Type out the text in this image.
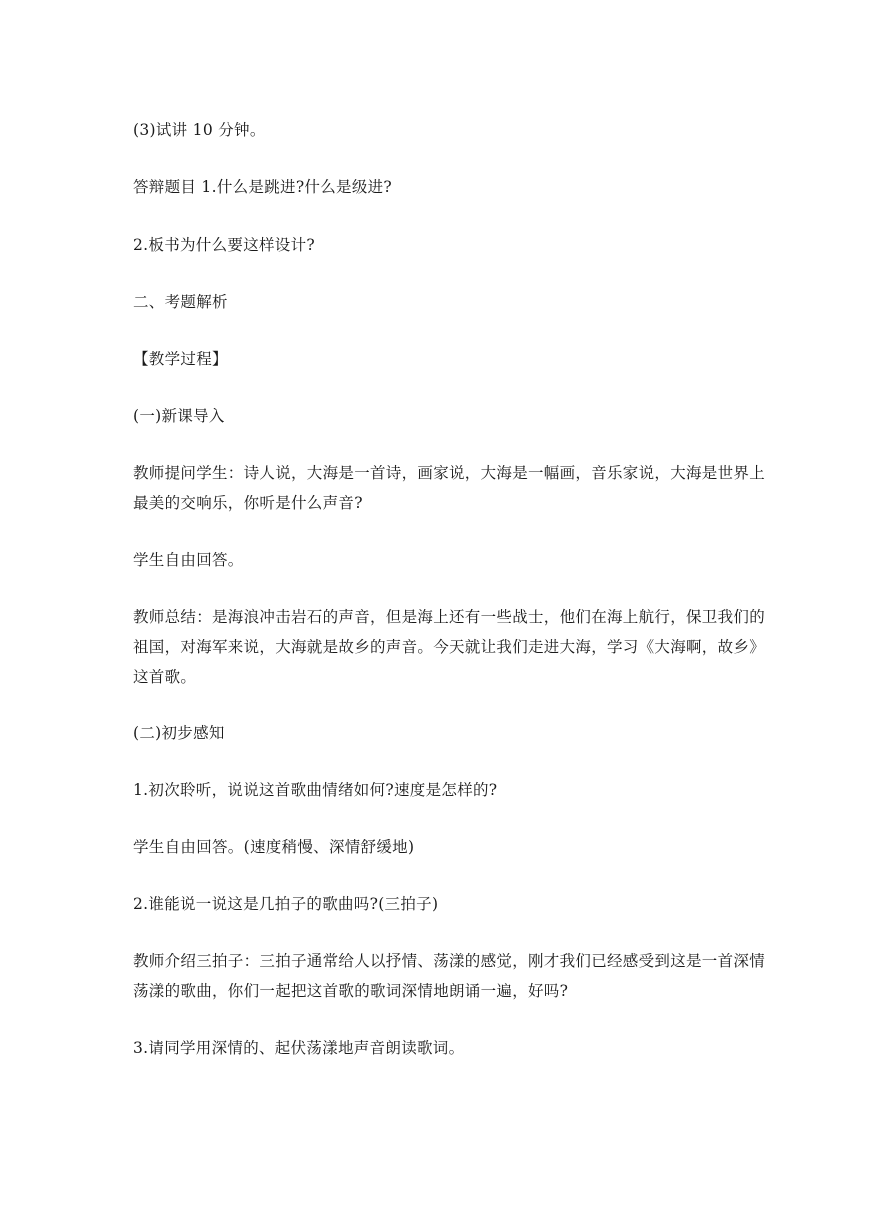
(3)试讲 10 分钟。

答辩题目 1.什么是跳进?什么是级进?

2.板书为什么要这样设计?

二、考题解析

【教学过程】

(一)新课导入

教师提问学生：诗人说，大海是一首诗，画家说，大海是一幅画，音乐家说，大海是世界上
最美的交响乐，你听是什么声音?

学生自由回答。

教师总结：是海浪冲击岩石的声音，但是海上还有一些战士，他们在海上航行，保卫我们的
祖国，对海军来说，大海就是故乡的声音。今天就让我们走进大海，学习《大海啊，故乡》
这首歌。

(二)初步感知

1.初次聆听，说说这首歌曲情绪如何?速度是怎样的?

学生自由回答。(速度稍慢、深情舒缓地)

2.谁能说一说这是几拍子的歌曲吗?(三拍子)

教师介绍三拍子：三拍子通常给人以抒情、荡漾的感觉，刚才我们已经感受到这是一首深情
荡漾的歌曲，你们一起把这首歌的歌词深情地朗诵一遍，好吗?

3.请同学用深情的、起伏荡漾地声音朗读歌词。
